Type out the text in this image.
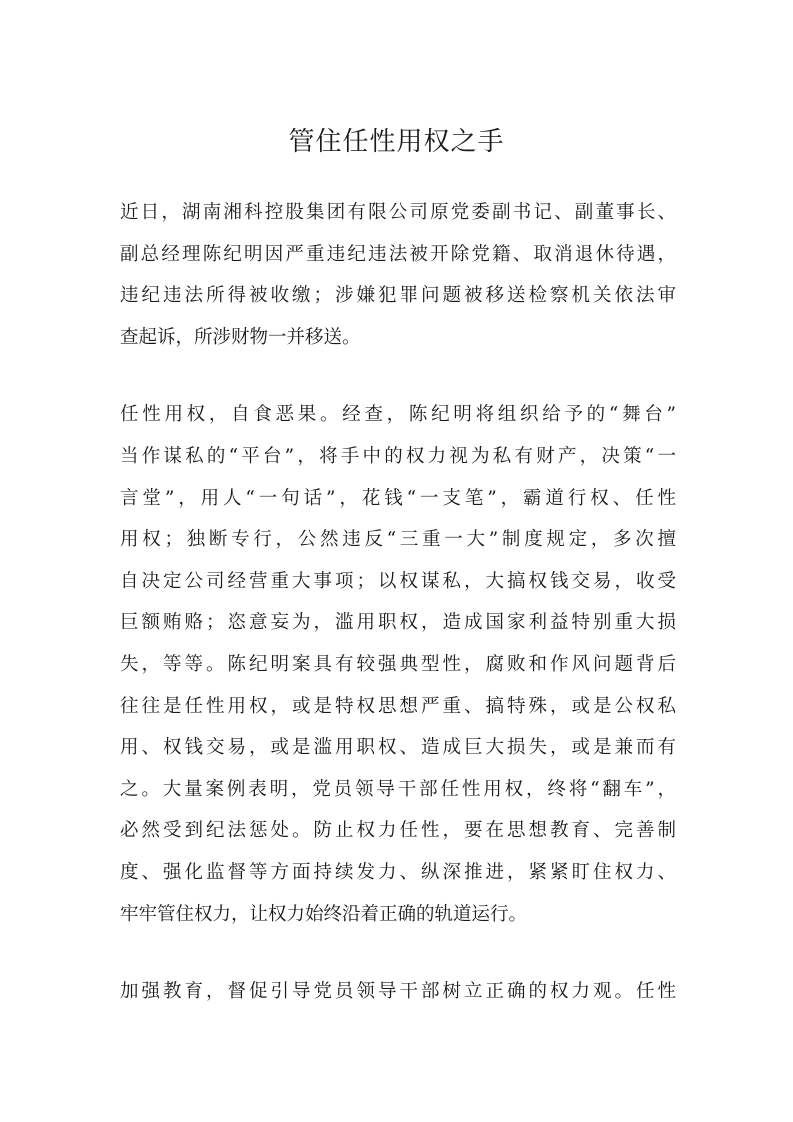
管住任性用权之手
近日，湖南湘科控股集团有限公司原党委副书记、副董事长、
副总经理陈纪明因严重违纪违法被开除党籍、取消退休待遇，
违纪违法所得被收缴；涉嫌犯罪问题被移送检察机关依法审
查起诉，所涉财物一并移送。
任性用权，自食恶果。经查，陈纪明将组织给予的“舞台”
当作谋私的“平台”，将手中的权力视为私有财产，决策“一
言堂”，用人“一句话”，花钱“一支笔”，霸道行权、任性
用权；独断专行，公然违反“三重一大”制度规定，多次擅
自决定公司经营重大事项；以权谋私，大搞权钱交易，收受
巨额贿赂；恣意妄为，滥用职权，造成国家利益特别重大损
失，等等。陈纪明案具有较强典型性，腐败和作风问题背后
往往是任性用权，或是特权思想严重、搞特殊，或是公权私
用、权钱交易，或是滥用职权、造成巨大损失，或是兼而有
之。大量案例表明，党员领导干部任性用权，终将“翻车”，
必然受到纪法惩处。防止权力任性，要在思想教育、完善制
度、强化监督等方面持续发力、纵深推进，紧紧盯住权力、
牢牢管住权力，让权力始终沿着正确的轨道运行。
加强教育，督促引导党员领导干部树立正确的权力观。任性
